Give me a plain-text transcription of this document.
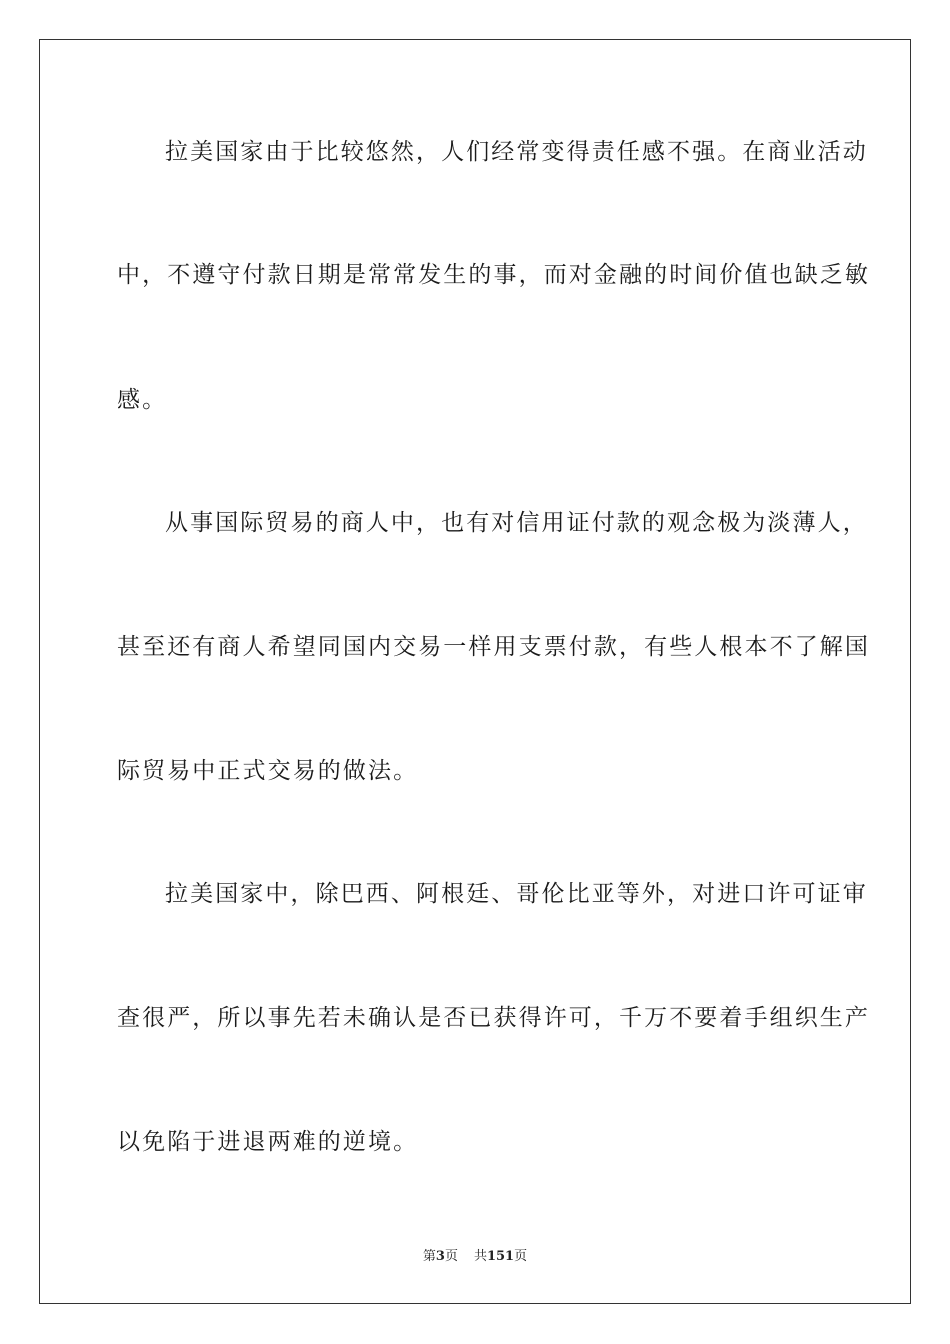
拉美国家由于比较悠然，人们经常变得责任感不强。在商业活动
中，不遵守付款日期是常常发生的事，而对金融的时间价值也缺乏敏
感。
从事国际贸易的商人中，也有对信用证付款的观念极为淡薄人，
甚至还有商人希望同国内交易一样用支票付款，有些人根本不了解国
际贸易中正式交易的做法。
拉美国家中，除巴西、阿根廷、哥伦比亚等外，对进口许可证审
查很严，所以事先若未确认是否已获得许可，千万不要着手组织生产
以免陷于进退两难的逆境。
第3页 共151页
